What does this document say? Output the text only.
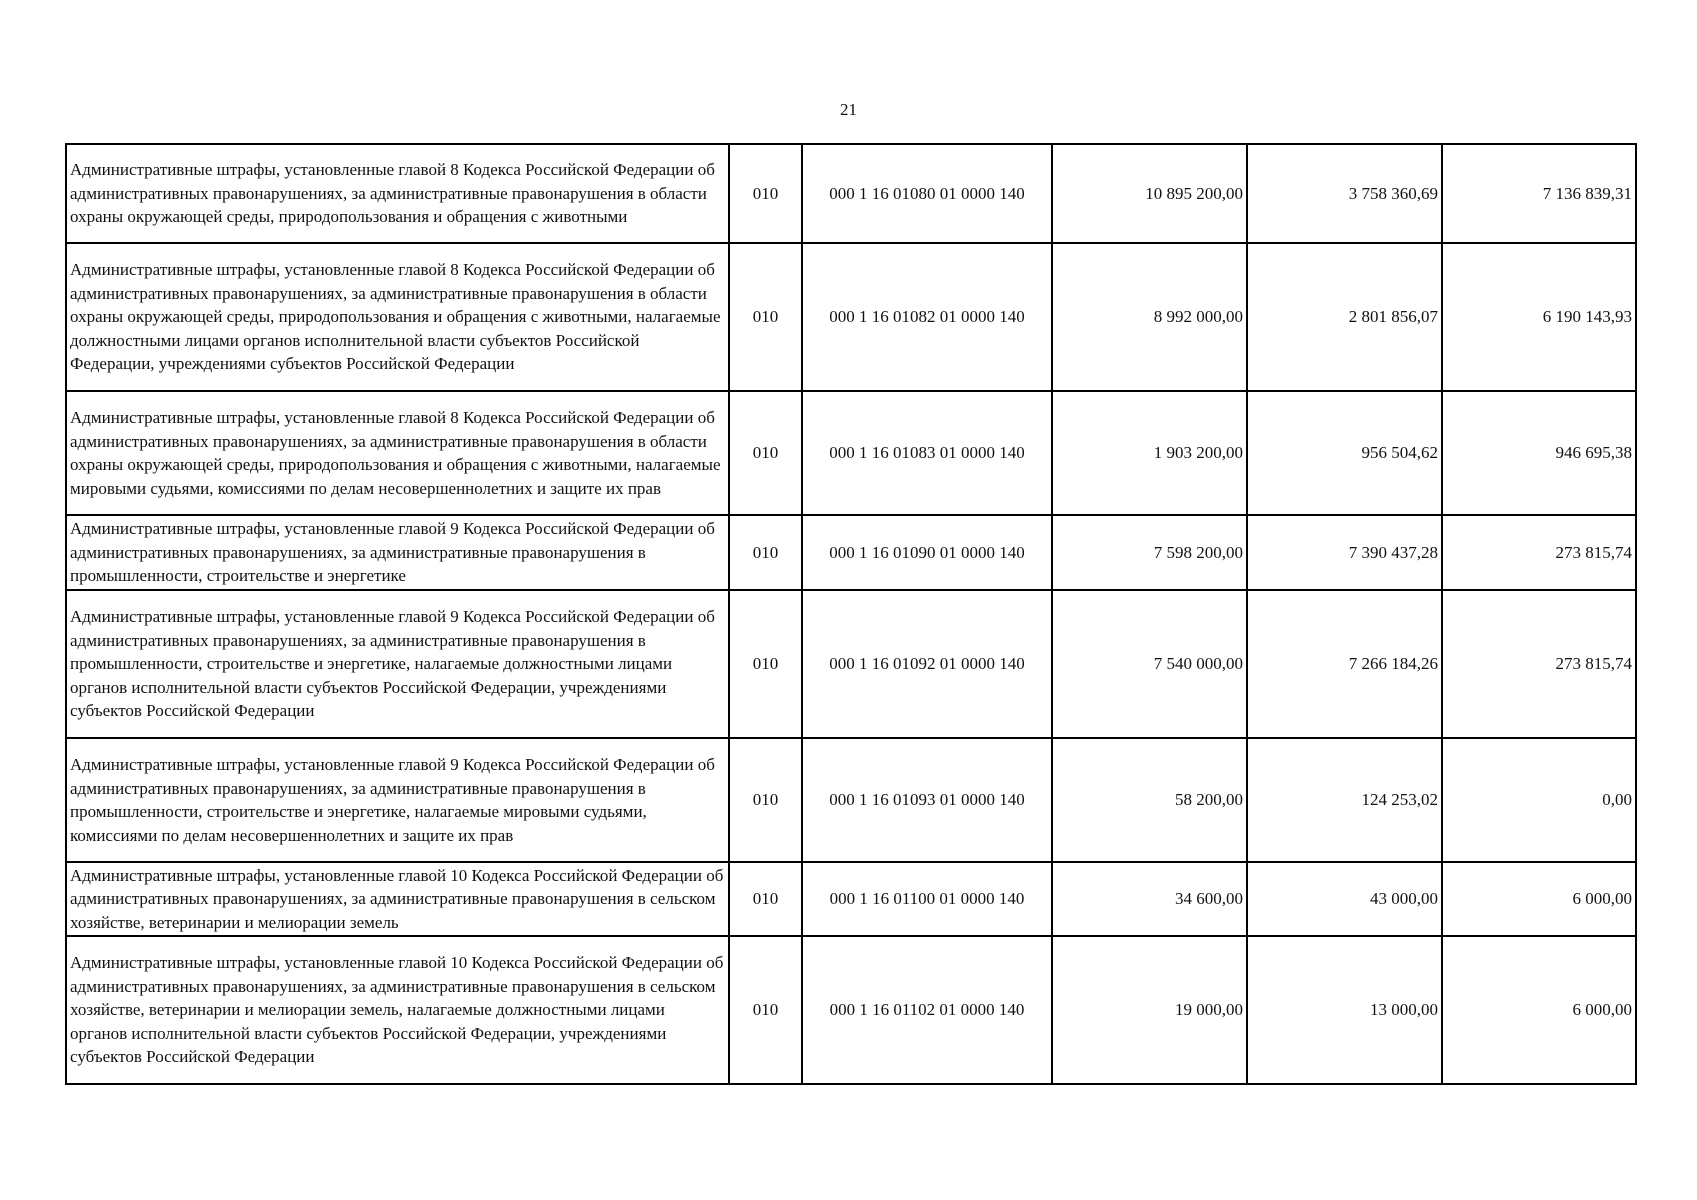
21
Административные штрафы, установленные главой 8 Кодекса Российской Федерации об административных правонарушениях, за административные правонарушения в области охраны окружающей среды, природопользования и обращения с животными	010	000 1 16 01080 01 0000 140	10 895 200,00	3 758 360,69	7 136 839,31
Административные штрафы, установленные главой 8 Кодекса Российской Федерации об административных правонарушениях, за административные правонарушения в области охраны окружающей среды, природопользования и обращения с животными, налагаемые должностными лицами органов исполнительной власти субъектов Российской Федерации, учреждениями субъектов Российской Федерации	010	000 1 16 01082 01 0000 140	8 992 000,00	2 801 856,07	6 190 143,93
Административные штрафы, установленные главой 8 Кодекса Российской Федерации об административных правонарушениях, за административные правонарушения в области охраны окружающей среды, природопользования и обращения с животными, налагаемые мировыми судьями, комиссиями по делам несовершеннолетних и защите их прав	010	000 1 16 01083 01 0000 140	1 903 200,00	956 504,62	946 695,38
Административные штрафы, установленные главой 9 Кодекса Российской Федерации об административных правонарушениях, за административные правонарушения в промышленности, строительстве и энергетике	010	000 1 16 01090 01 0000 140	7 598 200,00	7 390 437,28	273 815,74
Административные штрафы, установленные главой 9 Кодекса Российской Федерации об административных правонарушениях, за административные правонарушения в промышленности, строительстве и энергетике, налагаемые должностными лицами органов исполнительной власти субъектов Российской Федерации, учреждениями субъектов Российской Федерации	010	000 1 16 01092 01 0000 140	7 540 000,00	7 266 184,26	273 815,74
Административные штрафы, установленные главой 9 Кодекса Российской Федерации об административных правонарушениях, за административные правонарушения в промышленности, строительстве и энергетике, налагаемые мировыми судьями, комиссиями по делам несовершеннолетних и защите их прав	010	000 1 16 01093 01 0000 140	58 200,00	124 253,02	0,00
Административные штрафы, установленные главой 10 Кодекса Российской Федерации об административных правонарушениях, за административные правонарушения в сельском хозяйстве, ветеринарии и мелиорации земель	010	000 1 16 01100 01 0000 140	34 600,00	43 000,00	6 000,00
Административные штрафы, установленные главой 10 Кодекса Российской Федерации об административных правонарушениях, за административные правонарушения в сельском хозяйстве, ветеринарии и мелиорации земель, налагаемые должностными лицами органов исполнительной власти субъектов Российской Федерации, учреждениями субъектов Российской Федерации	010	000 1 16 01102 01 0000 140	19 000,00	13 000,00	6 000,00
